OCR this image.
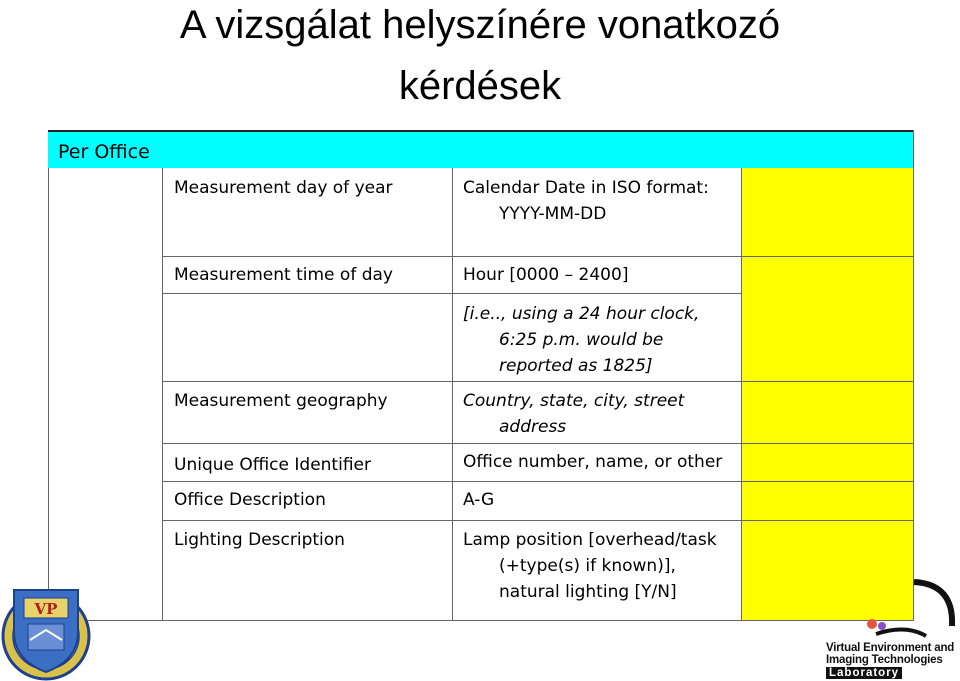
A vizsgálat helyszínére vonatkozó
kérdések
Per Office
Measurement day of year	Calendar Date in ISO format:
YYYY-MM-DD
Measurement time of day	Hour [0000 – 2400]
[i.e.., using a 24 hour clock,
6:25 p.m. would be
reported as 1825]
Measurement geography	Country, state, city, street
address
Unique Office Identifier	Office number, name, or other
Office Description	A-G
Lighting Description	Lamp position [overhead/task
(+type(s) if known)],
natural lighting [Y/N]
VP
Virtual Environment and
Imaging Technologies
Laboratory
